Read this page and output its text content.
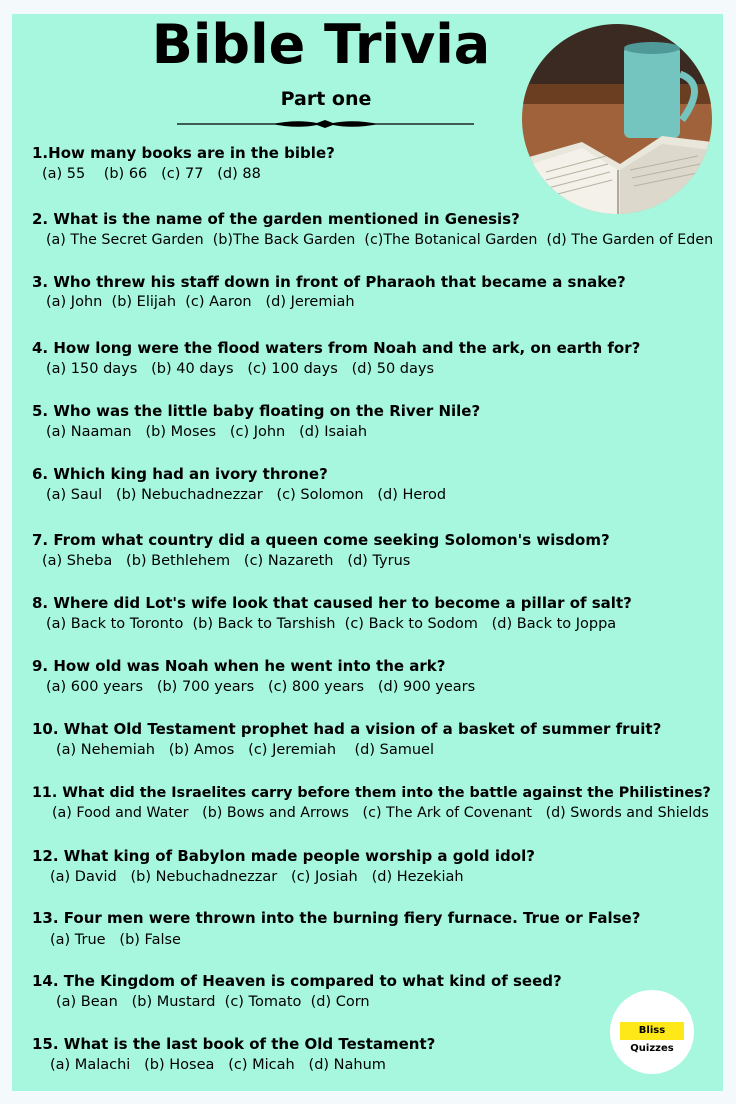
Bible Trivia
Part one
1.How many books are in the bible?
(a) 55    (b) 66   (c) 77   (d) 88
2. What is the name of the garden mentioned in Genesis?
(a) The Secret Garden  (b)The Back Garden  (c)The Botanical Garden  (d) The Garden of Eden
3. Who threw his staff down in front of Pharaoh that became a snake?
(a) John  (b) Elijah  (c) Aaron   (d) Jeremiah
4. How long were the flood waters from Noah and the ark, on earth for?
(a) 150 days   (b) 40 days   (c) 100 days   (d) 50 days
5. Who was the little baby floating on the River Nile?
(a) Naaman   (b) Moses   (c) John   (d) Isaiah
6. Which king had an ivory throne?
(a) Saul   (b) Nebuchadnezzar   (c) Solomon   (d) Herod
7. From what country did a queen come seeking Solomon's wisdom?
(a) Sheba   (b) Bethlehem   (c) Nazareth   (d) Tyrus
8. Where did Lot's wife look that caused her to become a pillar of salt?
(a) Back to Toronto  (b) Back to Tarshish  (c) Back to Sodom   (d) Back to Joppa
9. How old was Noah when he went into the ark?
(a) 600 years   (b) 700 years   (c) 800 years   (d) 900 years
10. What Old Testament prophet had a vision of a basket of summer fruit?
(a) Nehemiah   (b) Amos   (c) Jeremiah    (d) Samuel
11. What did the Israelites carry before them into the battle against the Philistines?
(a) Food and Water   (b) Bows and Arrows   (c) The Ark of Covenant   (d) Swords and Shields
12. What king of Babylon made people worship a gold idol?
(a) David   (b) Nebuchadnezzar   (c) Josiah   (d) Hezekiah
13. Four men were thrown into the burning fiery furnace. True or False?
(a) True   (b) False
14. The Kingdom of Heaven is compared to what kind of seed?
(a) Bean   (b) Mustard  (c) Tomato  (d) Corn
15. What is the last book of the Old Testament?
(a) Malachi   (b) Hosea   (c) Micah   (d) Nahum
Bliss Quizzes
